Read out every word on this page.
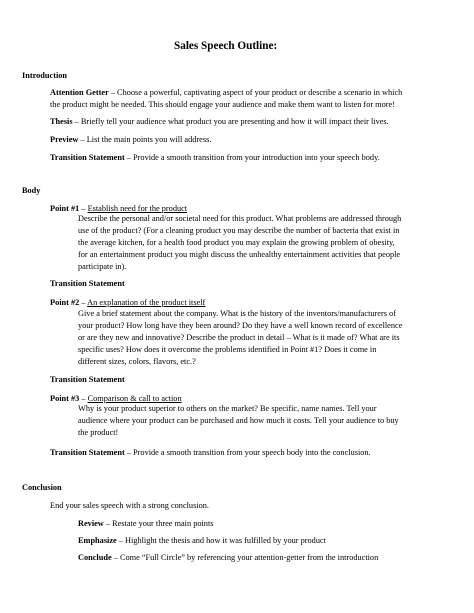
Sales Speech Outline:
Introduction
Attention Getter – Choose a powerful, captivating aspect of your product or describe a scenario in which
the product might be needed. This should engage your audience and make them want to listen for more!
Thesis – Briefly tell your audience what product you are presenting and how it will impact their lives.
Preview – List the main points you will address.
Transition Statement – Provide a smooth transition from your introduction into your speech body.
Body
Point #1 – Establish need for the product
Describe the personal and/or societal need for this product. What problems are addressed through
use of the product? (For a cleaning product you may describe the number of bacteria that exist in
the average kitchen, for a health food product you may explain the growing problem of obesity,
for an entertainment product you might discuss the unhealthy entertainment activities that people
participate in).
Transition Statement
Point #2 – An explanation of the product itself
Give a brief statement about the company. What is the history of the inventors/manufacturers of
your product? How long have they been around? Do they have a well known record of excellence
or are they new and innovative? Describe the product in detail – What is it made of? What are its
specific uses? How does it overcome the problems identified in Point #1? Does it come in
different sizes, colors, flavors, etc.?
Transition Statement
Point #3 – Comparison & call to action
Why is your product superior to others on the market? Be specific, name names. Tell your
audience where your product can be purchased and how much it costs. Tell your audience to buy
the product!
Transition Statement – Provide a smooth transition from your speech body into the conclusion.
Conclusion
End your sales speech with a strong conclusion.
Review – Restate your three main points
Emphasize – Highlight the thesis and how it was fulfilled by your product
Conclude – Come “Full Circle” by referencing your attention-getter from the introduction
